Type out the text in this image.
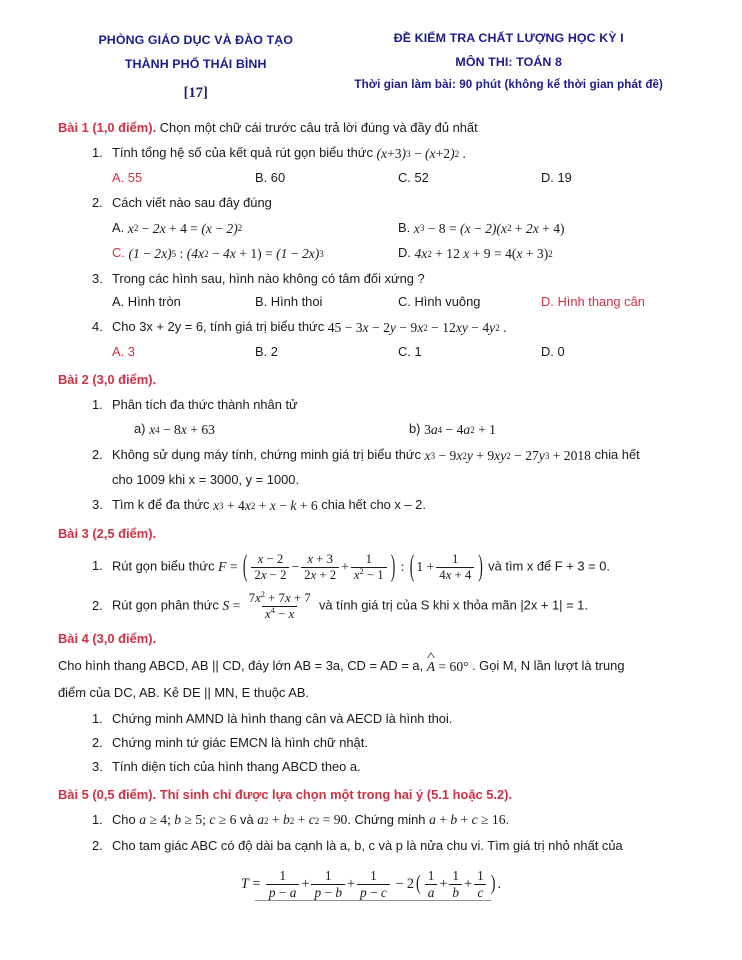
PHÒNG GIÁO DỤC VÀ ĐÀO TẠO
THÀNH PHỐ THÁI BÌNH
[17]
ĐỀ KIỂM TRA CHẤT LƯỢNG HỌC KỲ I
MÔN THI: TOÁN 8
Thời gian làm bài: 90 phút (không kể thời gian phát đề)
Bài 1 (1,0 điểm). Chọn một chữ cái trước câu trả lời đúng và đầy đủ nhất
1. Tính tổng hệ số của kết quả rút gọn biểu thức ( x +3 ) 3 − ( x +2 ) 2 .
A. 55	B. 60	C. 52	D. 19
2. Cách viết nào sau đây đúng
A. x 2 − 2x + 4 = (x − 2) 2	B. x 3 − 8 = (x − 2)(x 2 + 2x + 4)
C. (1 − 2x) 5 : (4x 2 − 4x + 1) = (1 − 2x) 3	D. 4x 2 + 12 x + 9 = 4( x + 3) 2
3. Trong các hình sau, hình nào không có tâm đối xứng ?
A. Hình tròn	B. Hình thoi	C. Hình vuông	D. Hình thang cân
4. Cho 3x + 2y = 6, tính giá trị biểu thức 45 − 3 x − 2 y − 9 x 2 − 12 xy − 4 y 2 .
A. 3	B. 2	C. 1	D. 0
Bài 2 (3,0 điểm).
1. Phân tích đa thức thành nhân tử
a) x 4 − 8 x + 63	b) 3 a 4 − 4 a 2 + 1
2. Không sử dụng máy tính, chứng minh giá trị biểu thức x 3 − 9 x 2 y + 9 xy 2 − 27 y 3 + 2018 chia hết
cho 1009 khi x = 3000, y = 1000.
3. Tìm k để đa thức x 3 + 4 x 2 + x − k + 6 chia hết cho x – 2.
Bài 3 (2,5 điểm).
1. Rút gọn biểu thức F = ( $\frac{x - 2}{2x - 2} - \frac{x + 3}{2x + 2} + \frac{1}{x^2 - 1}$ ) : ( $1 + \frac{1}{4x + 4}$ ) và tìm x để F + 3 = 0.
2. Rút gọn phân thức $S = \frac{7x^2 + 7x + 7}{x^4 - x}$ và tính giá trị của S khi x thỏa mãn |2x + 1| = 1.
Bài 4 (3,0 điểm).
Cho hình thang ABCD, AB || CD, đáy lớn AB = 3a, CD = AD = a, ^ A = 60° . Gọi M, N lần lượt là trung
điểm của DC, AB. Kẻ DE || MN, E thuộc AB.
1. Chứng minh AMND là hình thang cân và AECD là hình thoi.
2. Chứng minh tứ giác EMCN là hình chữ nhật.
3. Tính diện tích của hình thang ABCD theo a.
Bài 5 (0,5 điểm). Thí sinh chỉ được lựa chọn một trong hai ý (5.1 hoặc 5.2).
1. Cho a ≥ 4; b ≥ 5; c ≥ 6 và a 2 + b 2 + c 2 = 90 . Chứng minh a + b + c ≥ 16 .
2. Cho tam giác ABC có độ dài ba cạnh là a, b, c và p là nửa chu vi. Tìm giá trị nhỏ nhất của
$T = \frac{1}{p - a} + \frac{1}{p - b} + \frac{1}{p - c} - 2$ ( $\frac{1}{a} + \frac{1}{b} + \frac{1}{c}$ ) .
